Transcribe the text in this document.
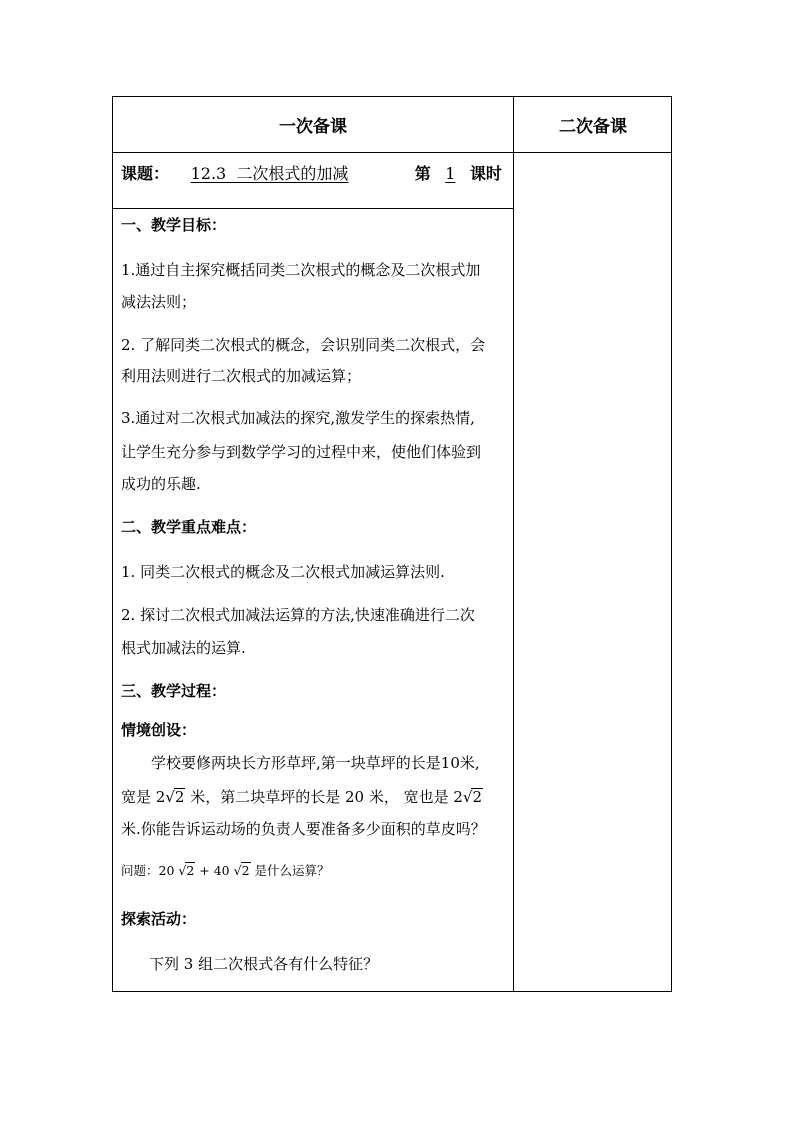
一次备课	二次备课
课题： 12.3  二次根式的加减	第 1 课时
一、教学目标：
1.通过自主探究概括同类二次根式的概念及二次根式加
减法法则；
2. 了解同类二次根式的概念，会识别同类二次根式，会
利用法则进行二次根式的加减运算；
3.通过对二次根式加减法的探究,激发学生的探索热情,
让学生充分参与到数学学习的过程中来，使他们体验到
成功的乐趣.
二、教学重点难点：
1. 同类二次根式的概念及二次根式加减运算法则.
2. 探讨二次根式加减法运算的方法,快速准确进行二次
根式加减法的运算.
三、教学过程：
情境创设：
学校要修两块长方形草坪,第一块草坪的长是10米,
宽是 2√2 米，第二块草坪的长是 20 米， 宽也是 2√2
米.你能告诉运动场的负责人要准备多少面积的草皮吗？
问题：20 √2 + 40 √2 是什么运算？
探索活动：
下列 3 组二次根式各有什么特征？
